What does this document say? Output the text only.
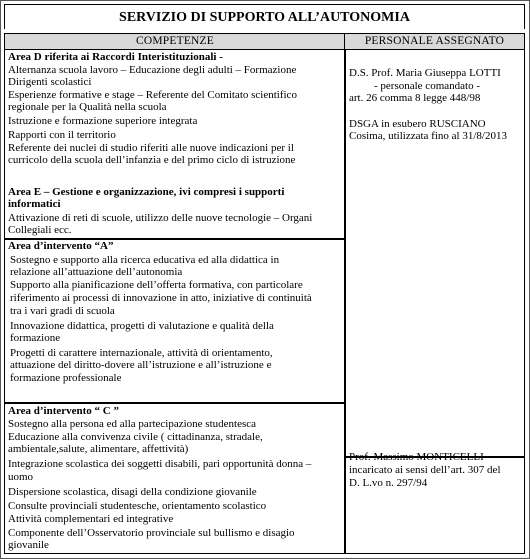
SERVIZIO DI SUPPORTO ALL’AUTONOMIA
COMPETENZE	PERSONALE ASSEGNATO
Area D riferita ai Raccordi Interistituzionali -
Alternanza scuola lavoro – Educazione degli adulti – Formazione
Dirigenti scolastici
Esperienze formative e stage – Referente del Comitato scientifico
regionale per la Qualità nella scuola
Istruzione e formazione superiore integrata
Rapporti con il territorio
Referente dei nuclei di studio riferiti alle nuove indicazioni per il
curricolo della scuola dell’infanzia e del primo ciclo di istruzione
Area E – Gestione e organizzazione, ivi compresi i supporti
informatici
Attivazione di reti di scuole, utilizzo delle nuove tecnologie – Organi
Collegiali ecc.
D.S. Prof. Maria Giuseppa LOTTI
- personale comandato -
art. 26 comma 8 legge 448/98
DSGA in esubero RUSCIANO
Cosima, utilizzata fino al 31/8/2013
Area d’intervento “A”
Sostegno e supporto alla ricerca educativa ed alla didattica in
relazione all’attuazione dell’autonomia
Supporto alla pianificazione dell’offerta formativa, con particolare
riferimento ai processi di innovazione in atto, iniziative di continuità
tra i vari gradi di scuola
Innovazione didattica, progetti di valutazione e qualità della
formazione
Progetti di carattere internazionale, attività di orientamento,
attuazione del diritto-dovere all’istruzione e all’istruzione e
formazione professionale
Area d’intervento “ C ”
Sostegno alla persona ed alla partecipazione studentesca
Educazione alla convivenza civile ( cittadinanza, stradale,
ambientale,salute, alimentare, affettività)
Integrazione scolastica dei soggetti disabili, pari opportunità donna –
uomo
Dispersione scolastica, disagi della condizione giovanile
Consulte provinciali studentesche, orientamento scolastico
Attività complementari ed integrative
Componente dell’Osservatorio provinciale sul bullismo e disagio
giovanile
Prof. Massimo MONTICELLI -
incaricato ai sensi dell’art. 307 del
D. L.vo n. 297/94
